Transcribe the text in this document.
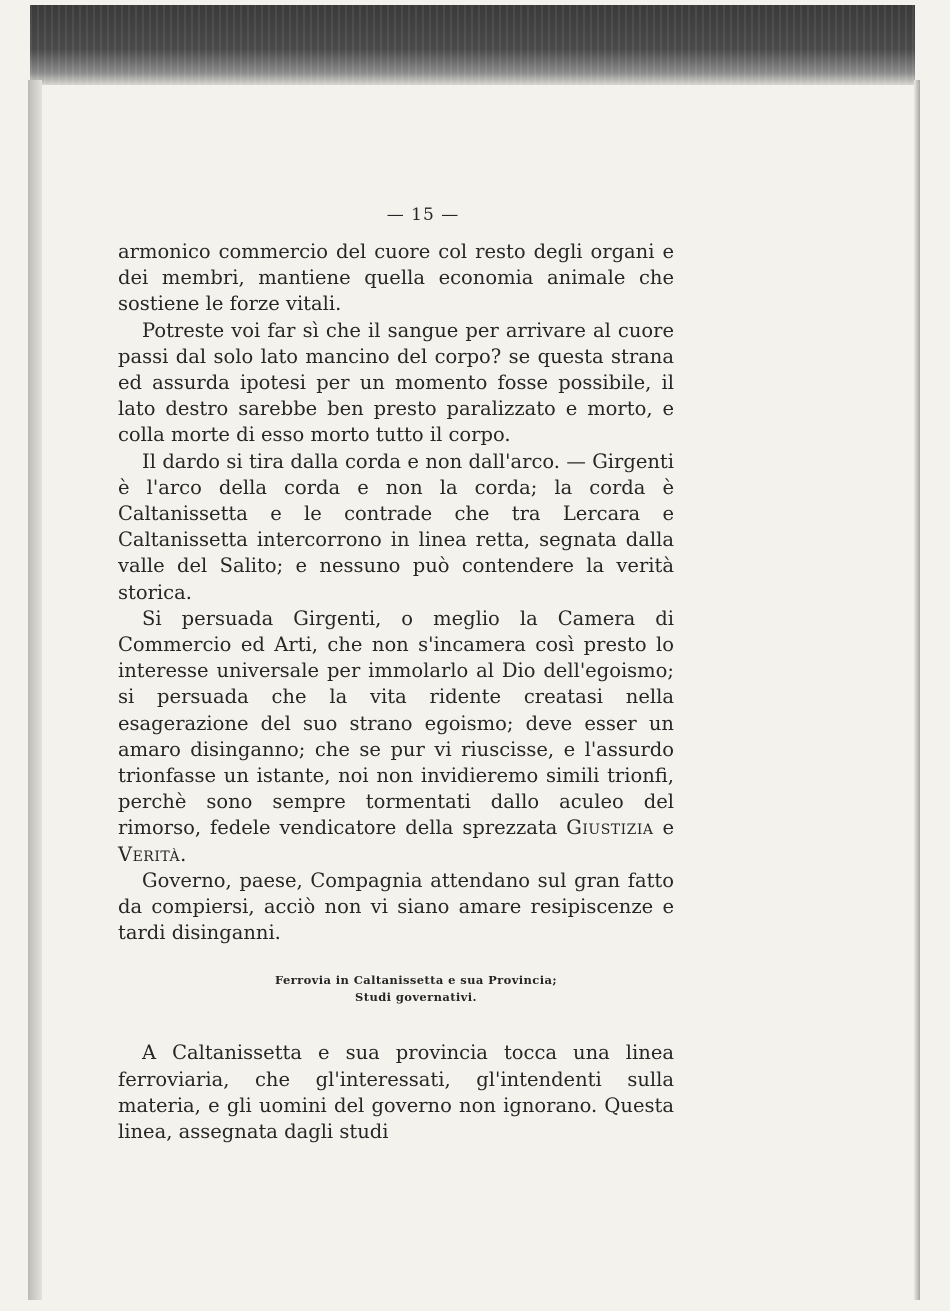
— 15 —

armonico commercio del cuore col resto degli organi e dei membri, mantiene quella economia animale che sostiene le forze vitali.

Potreste voi far sì che il sangue per arrivare al cuore passi dal solo lato mancino del corpo? se questa strana ed assurda ipotesi per un momento fosse possibile, il lato destro sarebbe ben presto paralizzato e morto, e colla morte di esso morto tutto il corpo.

Il dardo si tira dalla corda e non dall'arco. — Girgenti è l'arco della corda e non la corda; la corda è Caltanissetta e le contrade che tra Lercara e Caltanissetta intercorrono in linea retta, segnata dalla valle del Salito; e nessuno può contendere la verità storica.

Si persuada Girgenti, o meglio la Camera di Commercio ed Arti, che non s'incamera così presto lo interesse universale per immolarlo al Dio dell'egoismo; si persuada che la vita ridente creatasi nella esagerazione del suo strano egoismo; deve esser un amaro disinganno; che se pur vi riuscisse, e l'assurdo trionfasse un istante, noi non invidieremo simili trionfi, perchè sono sempre tormentati dallo aculeo del rimorso, fedele vendicatore della sprezzata Giustizia e Verità.

Governo, paese, Compagnia attendano sul gran fatto da compiersi, acciò non vi siano amare resipiscenze e tardi disinganni.

Ferrovia in Caltanissetta e sua Provincia;
Studi governativi.

A Caltanissetta e sua provincia tocca una linea ferroviaria, che gl'interessati, gl'intendenti sulla materia, e gli uomini del governo non ignorano. Questa linea, assegnata dagli studi
